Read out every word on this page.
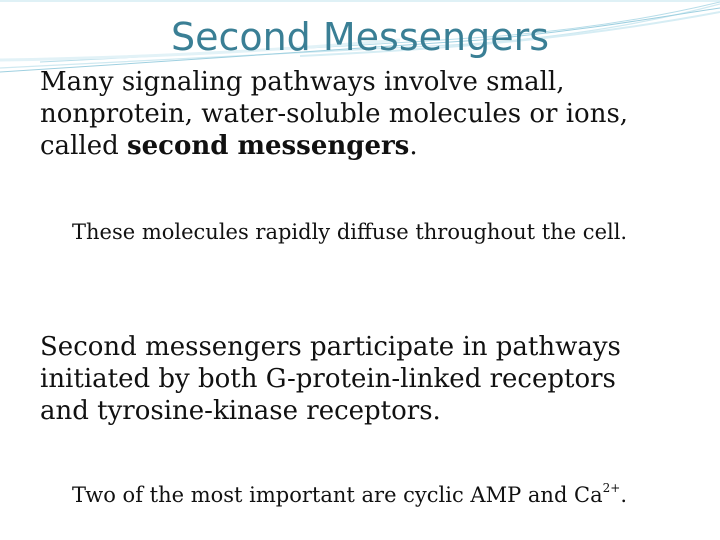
Second Messengers
Many signaling pathways involve small,
nonprotein, water-soluble molecules or ions,
called second messengers.
These molecules rapidly diffuse throughout the cell.
Second messengers participate in pathways
initiated by both G-protein-linked receptors
and tyrosine-kinase receptors.
Two of the most important are cyclic AMP and $Ca^{2+}$.
